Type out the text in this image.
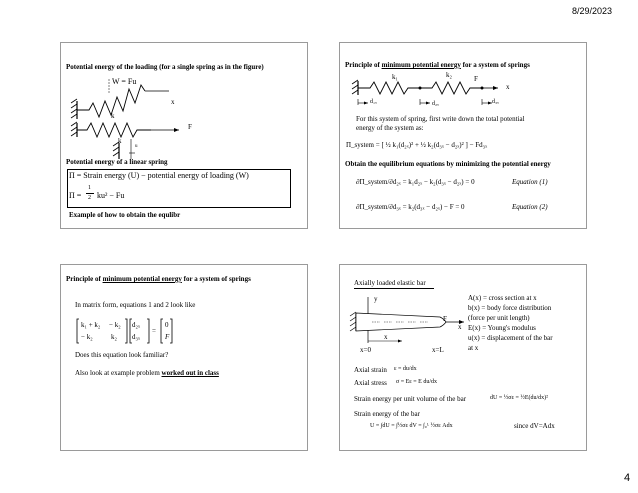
8/29/2023
4
Potential energy of the loading (for a single spring as in the figure)
W = Fu
x
k
k
F
u
Potential energy of a linear spring
Π = Strain energy (U) − potential energy of loading (W)
Π =
1
2 ku² − Fu
Example of how to obtain the equlibr
Principle of minimum potential energy for a system of springs
k₁	k₂	F
x
d₁ₓ	d₂ₓ	d₃ₓ
For this system of spring, first write down the total potential
energy of the system as:
Π_system = [ ½ k₁(d₂ₓ)² + ½ k₂(d₃ₓ − d₂ₓ)² ] − Fd₃ₓ
Obtain the equilibrium equations by minimizing the potential energy
∂Π_system/∂d₂ₓ = k₁d₂ₓ − k₂(d₃ₓ − d₂ₓ) = 0	Equation (1)
∂Π_system/∂d₃ₓ = k₂(d₃ₓ − d₂ₓ) − F = 0	Equation (2)
Principle of minimum potential energy for a system of springs
In matrix form, equations 1 and 2 look like
k₁ + k₂ − k₂
− k₂	k₂
d₂ₓ
d₃ₓ
=
0
F
Does this equation look familiar?
Also look at example problem worked out in class
Axially loaded elastic bar
y
x
F
x
x=0	x=L
A(x) = cross section at x
b(x) = body force distribution
(force per unit length)
E(x) = Young's modulus
u(x) = displacement of the bar
at x
Axial strain ε = du/dx
Axial stress σ = Eε = E du/dx
Strain energy per unit volume of the bar	dU = ½σε = ½E(du/dx)²
Strain energy of the bar
U = ∫dU = ∫½σε dV = ∫₀ᴸ ½σε Adx	since dV=Adx
